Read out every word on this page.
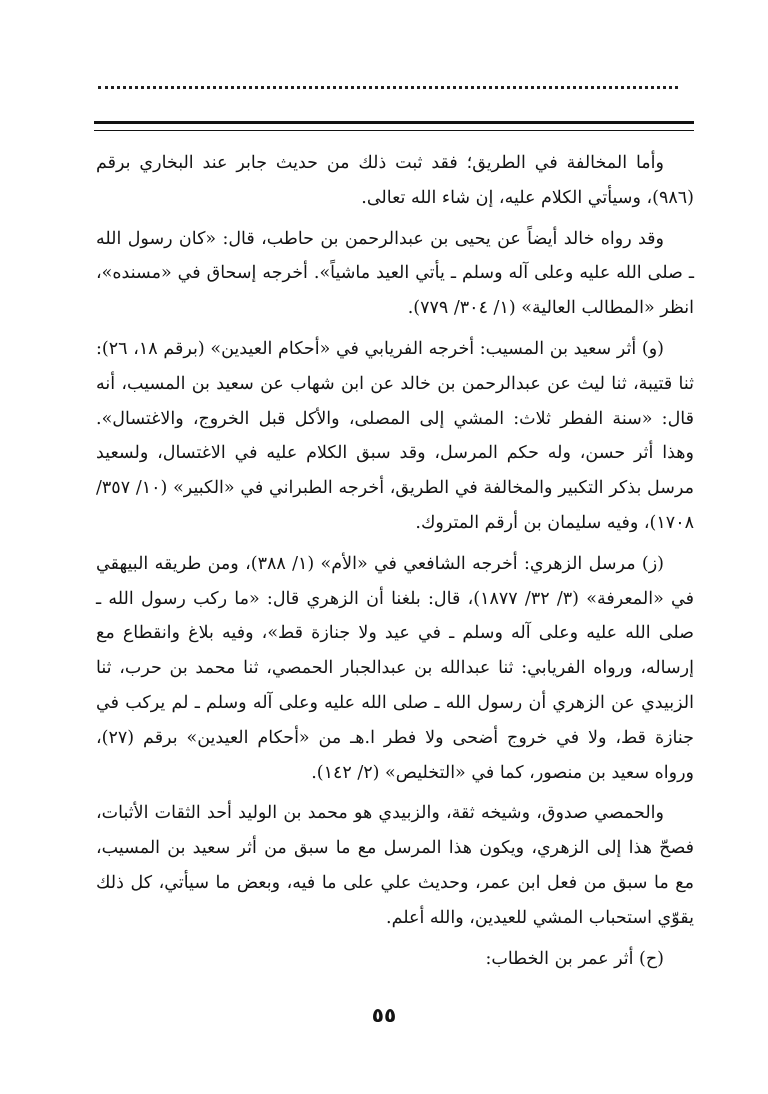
وأما المخالفة في الطريق؛ فقد ثبت ذلك من حديث جابر عند البخاري برقم (٩٨٦)، وسيأتي الكلام عليه، إن شاء الله تعالى.

وقد رواه خالد أيضاً عن يحيى بن عبدالرحمن بن حاطب، قال: «كان رسول الله ـ صلى الله عليه وعلى آله وسلم ـ يأتي العيد ماشياً». أخرجه إسحاق في «مسنده»، انظر «المطالب العالية» (١/ ٣٠٤/ ٧٧٩).

(و) أثر سعيد بن المسيب: أخرجه الفريابي في «أحكام العيدين» (برقم ١٨، ٢٦): ثنا قتيبة، ثنا ليث عن عبدالرحمن بن خالد عن ابن شهاب عن سعيد بن المسيب، أنه قال: «سنة الفطر ثلاث: المشي إلى المصلى، والأكل قبل الخروج، والاغتسال». وهذا أثر حسن، وله حكم المرسل، وقد سبق الكلام عليه في الاغتسال، ولسعيد مرسل بذكر التكبير والمخالفة في الطريق، أخرجه الطبراني في «الكبير» (١٠/ ٣٥٧/ ١٧٠٨)، وفيه سليمان بن أرقم المتروك.

(ز) مرسل الزهري: أخرجه الشافعي في «الأم» (١/ ٣٨٨)، ومن طريقه البيهقي في «المعرفة» (٣/ ٣٢/ ١٨٧٧)، قال: بلغنا أن الزهري قال: «ما ركب رسول الله ـ صلى الله عليه وعلى آله وسلم ـ في عيد ولا جنازة قط»، وفيه بلاغ وانقطاع مع إرساله، ورواه الفريابي: ثنا عبدالله بن عبدالجبار الحمصي، ثنا محمد بن حرب، ثنا الزبيدي عن الزهري أن رسول الله ـ صلى الله عليه وعلى آله وسلم ـ لم يركب في جنازة قط، ولا في خروج أضحى ولا فطر ا.هـ من «أحكام العيدين» برقم (٢٧)، ورواه سعيد بن منصور، كما في «التخليص» (٢/ ١٤٢).

والحمصي صدوق، وشيخه ثقة، والزبيدي هو محمد بن الوليد أحد الثقات الأثبات، فصحّ هذا إلى الزهري، ويكون هذا المرسل مع ما سبق من أثر سعيد بن المسيب، مع ما سبق من فعل ابن عمر، وحديث علي على ما فيه، وبعض ما سيأتي، كل ذلك يقوّي استحباب المشي للعيدين، والله أعلم.

(ح) أثر عمر بن الخطاب:

٥٥
